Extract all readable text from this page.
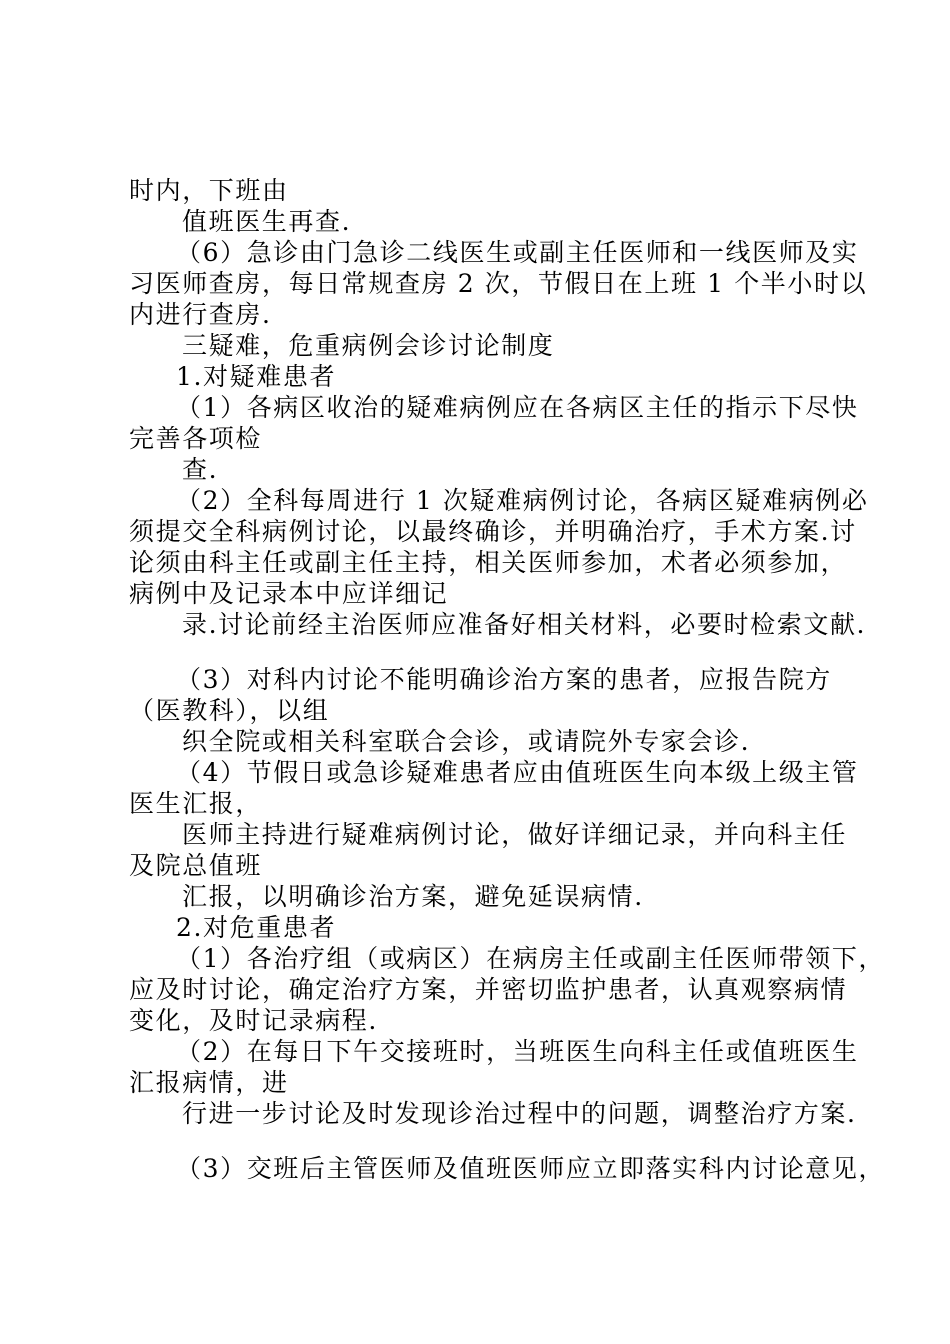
时内，下班由
值班医生再查.
（6）急诊由门急诊二线医生或副主任医师和一线医师及实
习医师查房，每日常规查房 2 次，节假日在上班 1 个半小时以
内进行查房.
三疑难，危重病例会诊讨论制度
1.对疑难患者
（1）各病区收治的疑难病例应在各病区主任的指示下尽快
完善各项检
查.
（2）全科每周进行 1 次疑难病例讨论，各病区疑难病例必
须提交全科病例讨论，以最终确诊，并明确治疗，手术方案.讨
论须由科主任或副主任主持，相关医师参加，术者必须参加，
病例中及记录本中应详细记
录.讨论前经主治医师应准备好相关材料，必要时检索文献.
（3）对科内讨论不能明确诊治方案的患者，应报告院方
（医教科），以组
织全院或相关科室联合会诊，或请院外专家会诊.
（4）节假日或急诊疑难患者应由值班医生向本级上级主管
医生汇报，
医师主持进行疑难病例讨论，做好详细记录，并向科主任
及院总值班
汇报，以明确诊治方案，避免延误病情.
2.对危重患者
（1）各治疗组（或病区）在病房主任或副主任医师带领下，
应及时讨论，确定治疗方案，并密切监护患者，认真观察病情
变化，及时记录病程.
（2）在每日下午交接班时，当班医生向科主任或值班医生
汇报病情，进
行进一步讨论及时发现诊治过程中的问题，调整治疗方案.
（3）交班后主管医师及值班医师应立即落实科内讨论意见，
